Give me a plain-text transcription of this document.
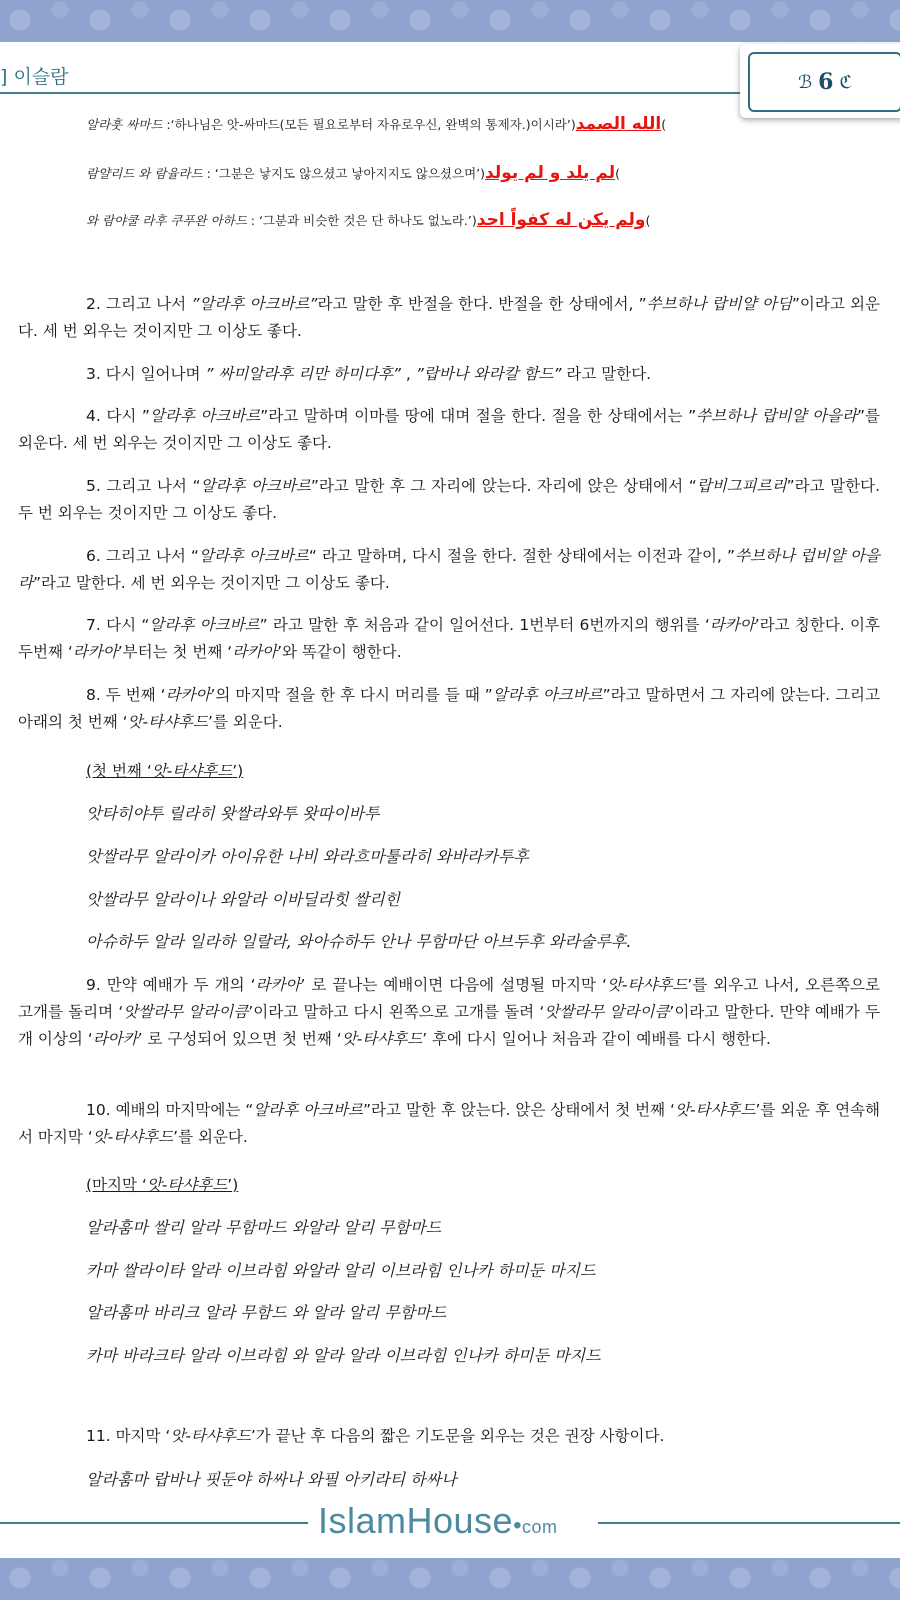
] 이슬람	ℬ 6 ℭ
알라훗 싸마드 :‘하나님은 앗-싸마드(모든 필요로부터 자유로우신, 완벽의 통제자.)이시라’)الله الصمد(
람얄리드 와 람율라드 : ‘그분은 낳지도 않으셨고 낳아지지도 않으셨으며’)لم يلد و لم يولد(
와 람야쿨 라후 쿠푸완 아하드 : ‘그분과 비슷한 것은 단 하나도 없노라.’)ولم يكن له كفواً احد(
2. 그리고 나서 ”알라후 아크바르”라고 말한 후 반절을 한다. 반절을 한 상태에서, ”쑤브하나 랍비얄 아딤”이라고 외운다. 세 번 외우는 것이지만 그 이상도 좋다.
3. 다시 일어나며 ” 싸미알라후 리만 하미다후” , ”랍바나 와라칼 함드” 라고 말한다.
4. 다시 ”알라후 아크바르”라고 말하며 이마를 땅에 대며 절을 한다. 절을 한 상태에서는 ”쑤브하나 랍비얄 아을라”를 외운다. 세 번 외우는 것이지만 그 이상도 좋다.
5. 그리고 나서 “알라후 아크바르”라고 말한 후 그 자리에 앉는다. 자리에 앉은 상태에서 “랍비그피르리”라고 말한다. 두 번 외우는 것이지만 그 이상도 좋다.
6. 그리고 나서 “알라후 아크바르“ 라고 말하며, 다시 절을 한다. 절한 상태에서는 이전과 같이, ”쑤브하나 럽비얄 아을라”라고 말한다. 세 번 외우는 것이지만 그 이상도 좋다.
7. 다시 “알라후 아크바르” 라고 말한 후 처음과 같이 일어선다. 1번부터 6번까지의 행위를 ‘라카아’라고 칭한다. 이후 두번째 ‘라카아’부터는 첫 번째 ‘라카아’와 똑같이 행한다.
8. 두 번째 ‘라카아’의 마지막 절을 한 후 다시 머리를 들 때 ”알라후 아크바르”라고 말하면서 그 자리에 앉는다. 그리고 아래의 첫 번째 ‘앗-타샤후드’를 외운다.
(첫 번째 ‘앗-타샤후드’)
앗타히야투 릴라히 왓쌀라와투 왓따이바투
앗쌀라무 알라이카 아이유한 나비 와라흐마툴라히 와바라카투후
앗쌀라무 알라이나 와알라 이바딜라힛 쌀리힌
아슈하두 알라 일라하 일랄라, 와아슈하두 안나 무함마단 아브두후 와라술루후.
9. 만약 예배가 두 개의 ‘라카아’ 로 끝나는 예배이면 다음에 설명될 마지막 ‘앗-타샤후드’를 외우고 나서, 오른쪽으로 고개를 돌리며 ‘앗쌀라무 알라이큼’이라고 말하고 다시 왼쪽으로 고개를 돌려 ‘앗쌀라무 알라이큼’이라고 말한다. 만약 예배가 두 개 이상의 ‘라아카’ 로 구성되어 있으면 첫 번째 ‘앗-타샤후드’ 후에 다시 일어나 처음과 같이 예배를 다시 행한다.
10. 예배의 마지막에는 “알라후 아크바르”라고 말한 후 앉는다. 앉은 상태에서 첫 번째 ‘앗-타샤후드’를 외운 후 연속해서 마지막 ‘앗-타샤후드’를 외운다.
(마지막 ‘앗-타샤후드’)
알라훔마 쌀리 알라 무함마드 와알라 알리 무함마드
카마 쌀라이타 알라 이브라힘 와알라 알리 이브라힘 인나카 하미둔 마지드
알라훔마 바리크 알라 무함드 와 알라 알리 무함마드
카마 바라크타 알라 이브라힘 와 알라 알라 이브라힘 인나카 하미둔 마지드
11. 마지막 ‘앗-타샤후드’가 끝난 후 다음의 짧은 기도문을 외우는 것은 권장 사항이다.
알라훔마 랍바나 핏둔야 하싸나 와필 아키라티 하싸나
IslamHouse•com
